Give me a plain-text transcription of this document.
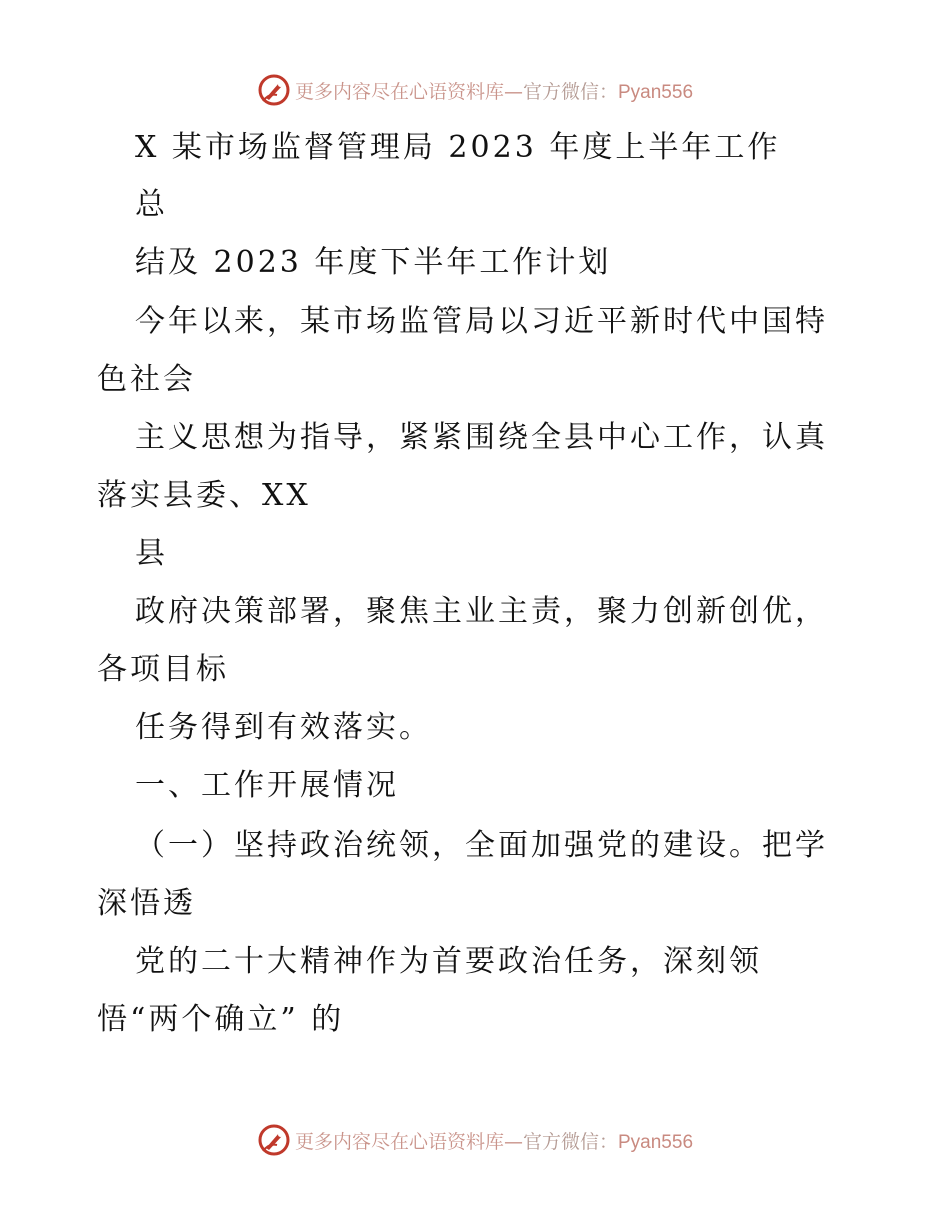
更多内容尽在心语资料库—官方微信：Pyan556
X 某市场监督管理局 2023 年度上半年工作
总
结及 2023 年度下半年工作计划
今年以来，某市场监管局以习近平新时代中国特
色社会
主义思想为指导，紧紧围绕全县中心工作，认真
落实县委、XX
县
政府决策部署，聚焦主业主责，聚力创新创优，
各项目标
任务得到有效落实。
一、工作开展情况
（一）坚持政治统领，全面加强党的建设。把学
深悟透
党的二十大精神作为首要政治任务，深刻领
悟“两个确立” 的
更多内容尽在心语资料库—官方微信：Pyan556
